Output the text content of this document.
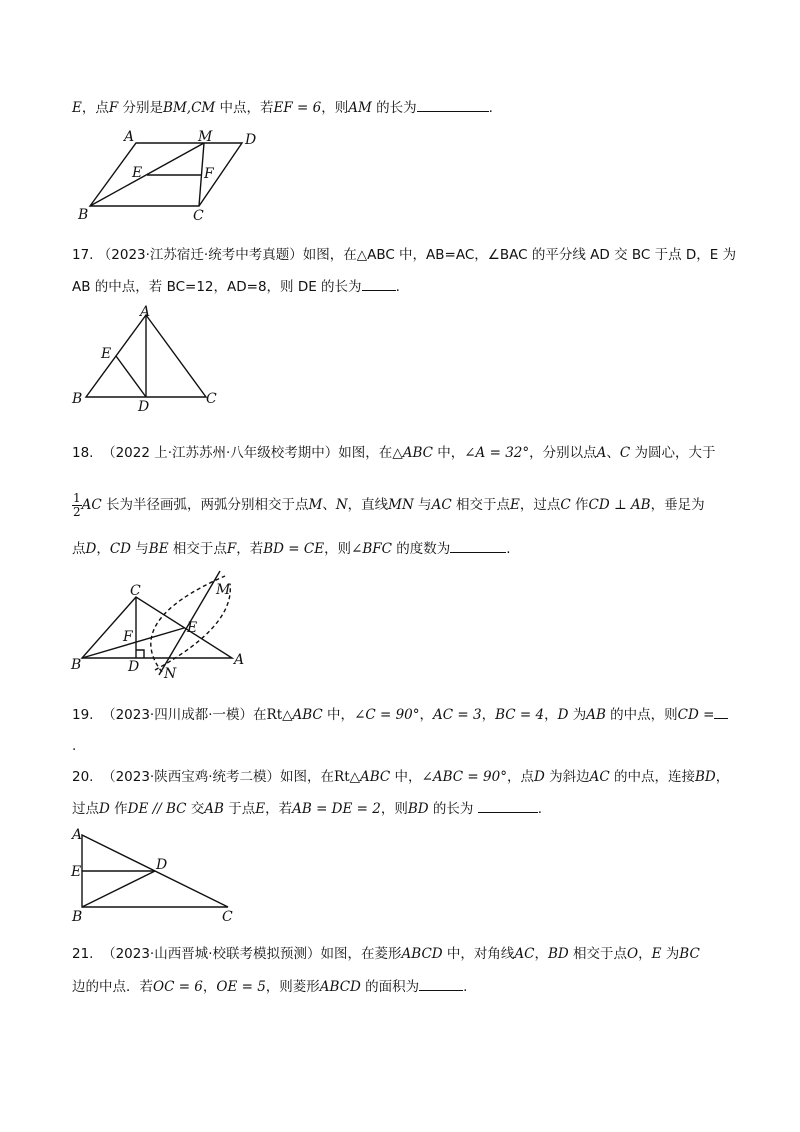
E，点F 分别是BM,CM 中点，若EF = 6，则AM 的长为	.
A	M D
E	F
B	C
17. （2023·江苏宿迁·统考中考真题）如图，在△ABC 中，AB=AC，∠BAC 的平分线 AD 交 BC 于点 D，E 为
AB 的中点，若 BC=12，AD=8，则 DE 的长为	.
A
E
B	D	C
18. （2022 上·江苏苏州·八年级校考期中）如图，在△ABC 中，∠A = 32°，分别以点A、C 为圆心，大于
$\frac{1}{2}$ AC 长为半径画弧，两弧分别相交于点M、N，直线MN 与AC 相交于点E，过点C 作CD ⊥ AB，垂足为
点D，CD 与BE 相交于点F，若BD = CE，则∠BFC 的度数为	.
C	M
F
E
B	D	A
N
19. （2023·四川成都·一模）在Rt△ABC 中，∠C = 90°，AC = 3，BC = 4，D 为AB 的中点，则CD =
.
20. （2023·陕西宝鸡·统考二模）如图，在Rt△ABC 中，∠ABC = 90°，点D 为斜边AC 的中点，连接BD，
过点D 作DE // BC 交AB 于点E，若AB = DE = 2，则BD 的长为	.
A
D
E
B	C
21. （2023·山西晋城·校联考模拟预测）如图，在菱形ABCD 中，对角线AC，BD 相交于点O，E 为BC
边的中点．若OC = 6，OE = 5，则菱形ABCD 的面积为	.
